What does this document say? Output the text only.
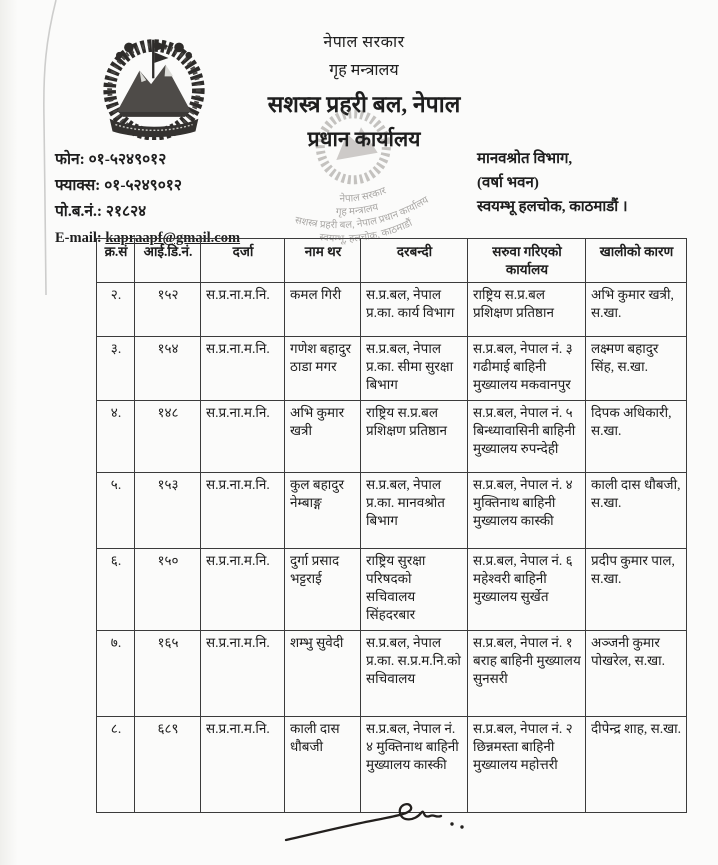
नेपाल सरकार
गृह मन्त्रालय
सशस्त्र प्रहरी बल, नेपाल
प्रधान कार्यालय
नेपाल सरकार
गृह मन्त्रालय
सशस्त्र प्रहरी बल, नेपाल प्रधान कार्यालय
स्वयम्भू, हलचोक, काठमाडौं
फोन: ०१-५२४९०१२
फ्याक्स: ०१-५२४९०१२
पो.ब.नं.: २१८२४
E-mail: kapraapf@gmail.com
मानवश्रोत विभाग,
(वर्षा भवन)
स्वयम्भू हलचोक, काठमाडौं ।
क्र.सं	आई.डि.नं.	दर्जा	नाम थर	दरबन्दी	सरुवा गरिएको कार्यालय	खालीको कारण
२.	१५२	स.प्र.ना.म.नि.	कमल गिरी	स.प्र.बल, नेपाल प्र.का. कार्य विभाग	राष्ट्रिय स.प्र.बल प्रशिक्षण प्रतिष्ठान	अभि कुमार खत्री, स.खा.
३.	१५४	स.प्र.ना.म.नि.	गणेश बहादुर ठाडा मगर	स.प्र.बल, नेपाल प्र.का. सीमा सुरक्षा बिभाग	स.प्र.बल, नेपाल नं. ३ गढीमाई बाहिनी मुख्यालय मकवानपुर	लक्ष्मण बहादुर सिंह, स.खा.
४.	१४८	स.प्र.ना.म.नि.	अभि कुमार खत्री	राष्ट्रिय स.प्र.बल प्रशिक्षण प्रतिष्ठान	स.प्र.बल, नेपाल नं. ५ बिन्ध्यावासिनी बाहिनी मुख्यालय रुपन्देही	दिपक अधिकारी, स.खा.
५.	१५३	स.प्र.ना.म.नि.	कुल बहादुर नेम्बाङ्ग	स.प्र.बल, नेपाल प्र.का. मानवश्रोत बिभाग	स.प्र.बल, नेपाल नं. ४ मुक्तिनाथ बाहिनी मुख्यालय कास्की	काली दास धौबजी, स.खा.
६.	१५०	स.प्र.ना.म.नि.	दुर्गा प्रसाद भट्टराई	राष्ट्रिय सुरक्षा परिषदको सचिवालय सिंहदरबार	स.प्र.बल, नेपाल नं. ६ महेश्वरी बाहिनी मुख्यालय सुर्खेत	प्रदीप कुमार पाल, स.खा.
७.	१६५	स.प्र.ना.म.नि.	शम्भु सुवेदी	स.प्र.बल, नेपाल प्र.का. स.प्र.म.नि.को सचिवालय	स.प्र.बल, नेपाल नं. १ बराह बाहिनी मुख्यालय सुनसरी	अञ्जनी कुमार पोखरेल, स.खा.
८.	६८९	स.प्र.ना.म.नि.	काली दास धौबजी	स.प्र.बल, नेपाल नं. ४ मुक्तिनाथ बाहिनी मुख्यालय कास्की	स.प्र.बल, नेपाल नं. २ छिन्नमस्ता बाहिनी मुख्यालय महोत्तरी	दीपेन्द्र शाह, स.खा.
